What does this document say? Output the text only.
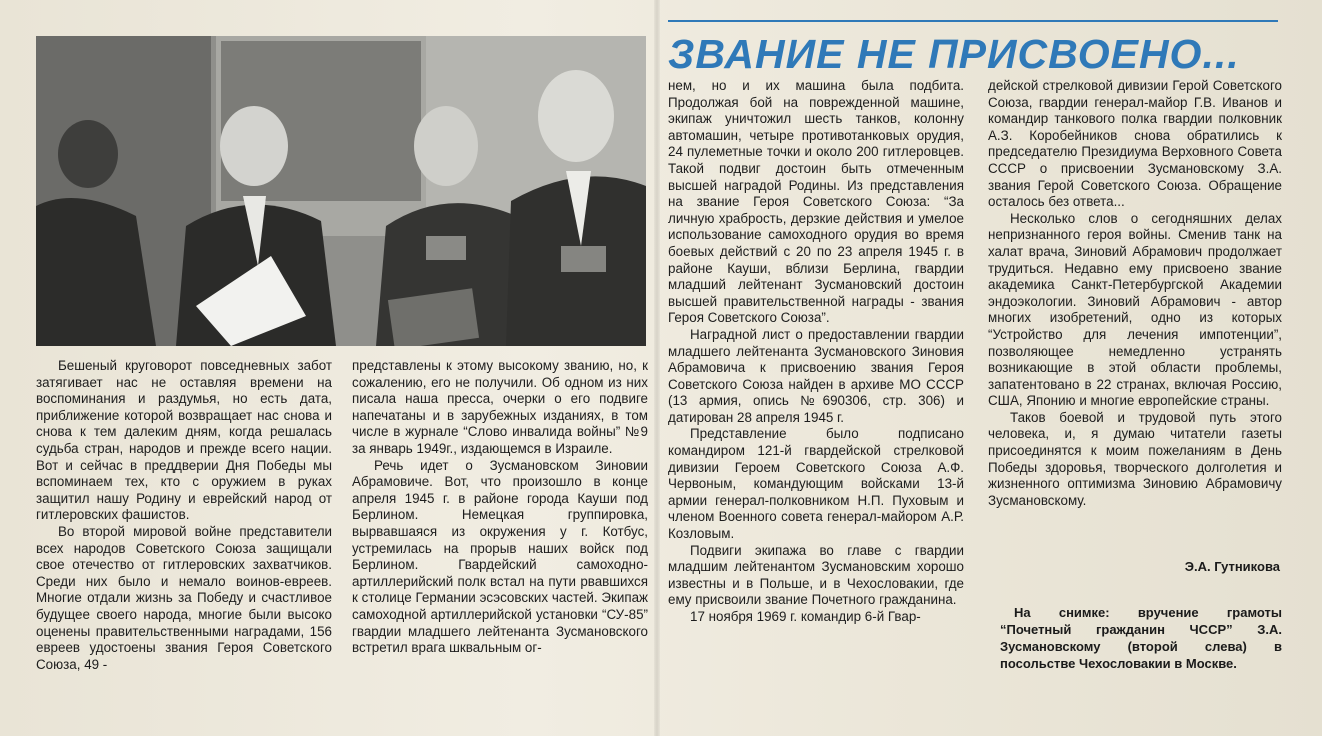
ЗВАНИЕ НЕ ПРИСВОЕНО...

Бешеный круговорот повседневных забот затягивает нас не оставляя времени на воспоминания и раздумья, но есть дата, приближение которой возвращает нас снова и снова к тем далеким дням, когда решалась судьба стран, народов и прежде всего нации. Вот и сейчас в преддверии Дня Победы мы вспоминаем тех, кто с оружием в руках защитил нашу Родину и еврейский народ от гитлеровских фашистов.

Во второй мировой войне представители всех народов Советского Союза защищали свое отечество от гитлеровских захватчиков. Среди них было и немало воинов-евреев. Многие отдали жизнь за Победу и счастливое будущее своего народа, многие были высоко оценены правительственными наградами, 156 евреев удостоены звания Героя Советского Союза, 49 -

представлены к этому высокому званию, но, к сожалению, его не получили. Об одном из них писала наша пресса, очерки о его подвиге напечатаны и в зарубежных изданиях, в том числе в журнале “Слово инвалида войны” №9 за январь 1949г., издающемся в Израиле.

Речь идет о Зусмановском Зиновии Абрамовиче. Вот, что произошло в конце апреля 1945 г. в районе города Кауши под Берлином. Немецкая группировка, вырвавшаяся из окружения у г. Котбус, устремилась на прорыв наших войск под Берлином. Гвардейский самоходно-артиллерийский полк встал на пути рвавшихся к столице Германии эсэсовских частей. Экипаж самоходной артиллерийской установки “СУ-85” гвардии младшего лейтенанта Зусмановского встретил врага шквальным ог-

нем, но и их машина была подбита. Продолжая бой на поврежденной машине, экипаж уничтожил шесть танков, колонну автомашин, четыре противотанковых орудия, 24 пулеметные точки и около 200 гитлеровцев. Такой подвиг достоин быть отмеченным высшей наградой Родины. Из представления на звание Героя Советского Союза: “За личную храбрость, дерзкие действия и умелое использование самоходного орудия во время боевых действий с 20 по 23 апреля 1945 г. в районе Кауши, вблизи Берлина, гвардии младший лейтенант Зусмановский достоин высшей правительственной награды - звания Героя Советского Союза”.

Наградной лист о предоставлении гвардии младшего лейтенанта Зусмановского Зиновия Абрамовича к присвоению звания Героя Советского Союза найден в архиве МО СССР (13 армия, опись №690306, стр. 306) и датирован 28 апреля 1945 г.

Представление было подписано командиром 121-й гвардейской стрелковой дивизии Героем Советского Союза А.Ф. Червоным, командующим войсками 13-й армии генерал-полковником Н.П. Пуховым и членом Военного совета генерал-майором А.Р. Козловым.

Подвиги экипажа во главе с гвардии младшим лейтенантом Зусмановским хорошо известны и в Польше, и в Чехословакии, где ему присвоили звание Почетного гражданина.

17 ноября 1969 г. командир 6-й Гвар-

дейской стрелковой дивизии Герой Советского Союза, гвардии генерал-майор Г.В. Иванов и командир танкового полка гвардии полковник А.З. Коробейников снова обратились к председателю Президиума Верховного Совета СССР о присвоении Зусмановскому З.А. звания Герой Советского Союза. Обращение осталось без ответа...

Несколько слов о сегодняшних делах непризнанного героя войны. Сменив танк на халат врача, Зиновий Абрамович продолжает трудиться. Недавно ему присвоено звание академика Санкт-Петербургской Академии эндоэкологии. Зиновий Абрамович - автор многих изобретений, одно из которых “Устройство для лечения импотенции”, позволяющее немедленно устранять возникающие в этой области проблемы, запатентовано в 22 странах, включая Россию, США, Японию и многие европейские страны.

Таков боевой и трудовой путь этого человека, и, я думаю читатели газеты присоединятся к моим пожеланиям в День Победы здоровья, творческого долголетия и жизненного оптимизма Зиновию Абрамовичу Зусмановскому.

Э.А. Гутникова
На снимке: вручение грамоты “Почетный гражданин ЧССР” З.А. Зусмановскому (второй слева) в посольстве Чехословакии в Москве.
